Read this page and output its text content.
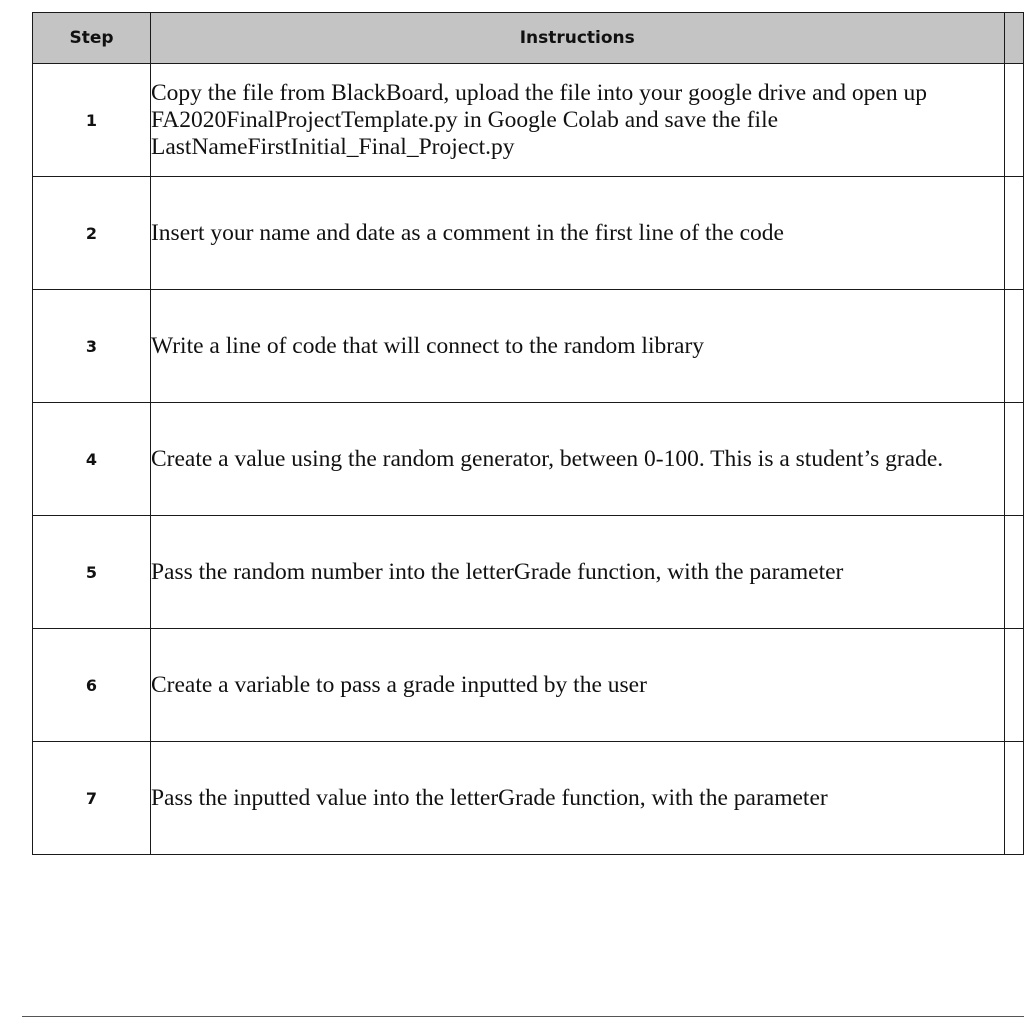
Step	Instructions	
1	Copy the file from BlackBoard, upload the file into your google drive and open up FA2020FinalProjectTemplate.py in Google Colab and save the file LastNameFirstInitial_Final_Project.py	
2	Insert your name and date as a comment in the first line of the code	
3	Write a line of code that will connect to the random library	
4	Create a value using the random generator, between 0-100. This is a student’s grade.	
5	Pass the random number into the letterGrade function, with the parameter	
6	Create a variable to pass a grade inputted by the user	
7	Pass the inputted value into the letterGrade function, with the parameter	
